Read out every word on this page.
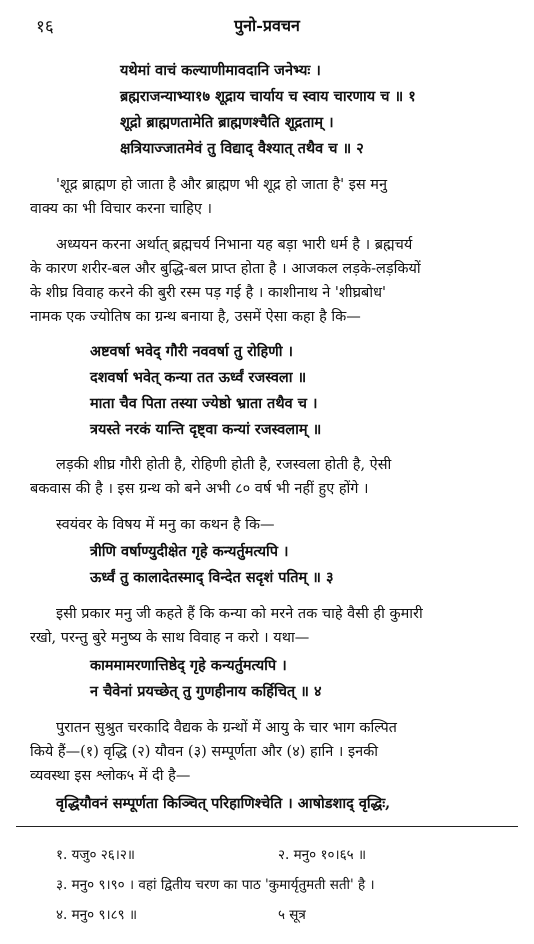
१६	पुनो-प्रवचन
यथेमां वाचं कल्याणीमावदानि जनेभ्यः ।
ब्रह्मराजन्याभ्या१७ शूद्राय चार्याय च स्वाय चारणाय च ॥ १
शूद्रो ब्राह्मणतामेति ब्राह्मणश्चैति शूद्रताम् ।
क्षत्रियाज्जातमेवं तु विद्याद् वैश्यात् तथैव च ॥ २
'शूद्र ब्राह्मण हो जाता है और ब्राह्मण भी शूद्र हो जाता है' इस मनु
वाक्य का भी विचार करना चाहिए ।
अध्ययन करना अर्थात् ब्रह्मचर्य निभाना यह बड़ा भारी धर्म है । ब्रह्मचर्य
के कारण शरीर-बल और बुद्धि-बल प्राप्त होता है । आजकल लड़के-लड़कियों
के शीघ्र विवाह करने की बुरी रस्म पड़ गई है । काशीनाथ ने 'शीघ्रबोध'
नामक एक ज्योतिष का ग्रन्थ बनाया है, उसमें ऐसा कहा है कि—
अष्टवर्षा भवेद् गौरी नववर्षा तु रोहिणी ।
दशवर्षा भवेत् कन्या तत ऊर्ध्वं रजस्वला ॥
माता चैव पिता तस्या ज्येष्ठो भ्राता तथैव च ।
त्रयस्ते नरकं यान्ति दृष्ट्वा कन्यां रजस्वलाम् ॥
लड़की शीघ्र गौरी होती है, रोहिणी होती है, रजस्वला होती है, ऐसी
बकवास की है । इस ग्रन्थ को बने अभी ८० वर्ष भी नहीं हुए होंगे ।
स्वयंवर के विषय में मनु का कथन है कि—
त्रीणि वर्षाण्युदीक्षेत गृहे कन्यर्तुमत्यपि ।
ऊर्ध्वं तु कालादेतस्माद् विन्देत सदृशं पतिम् ॥ ३
इसी प्रकार मनु जी कहते हैं कि कन्या को मरने तक चाहे वैसी ही कुमारी
रखो, परन्तु बुरे मनुष्य के साथ विवाह न करो । यथा—
काममामरणात्तिष्ठेद् गृहे कन्यर्तुमत्यपि ।
न चैवेनां प्रयच्छेत् तु गुणहीनाय कर्हिचित् ॥ ४
पुरातन सुश्रुत चरकादि वैद्यक के ग्रन्थों में आयु के चार भाग कल्पित
किये हैं—(१) वृद्धि (२) यौवन (३) सम्पूर्णता और (४) हानि । इनकी
व्यवस्था इस श्लोक५ में दी है—
वृद्धियौवनं सम्पूर्णता किञ्चित् परिहाणिश्चेति । आषोडशाद् वृद्धिः,
१. यजु० २६।२॥	२. मनु० १०।६५ ॥
३. मनु० ९।९० । वहां द्वितीय चरण का पाठ 'कुमार्यृतुमती सती' है ।
४. मनु० ९।८९ ॥	५ सूत्र
